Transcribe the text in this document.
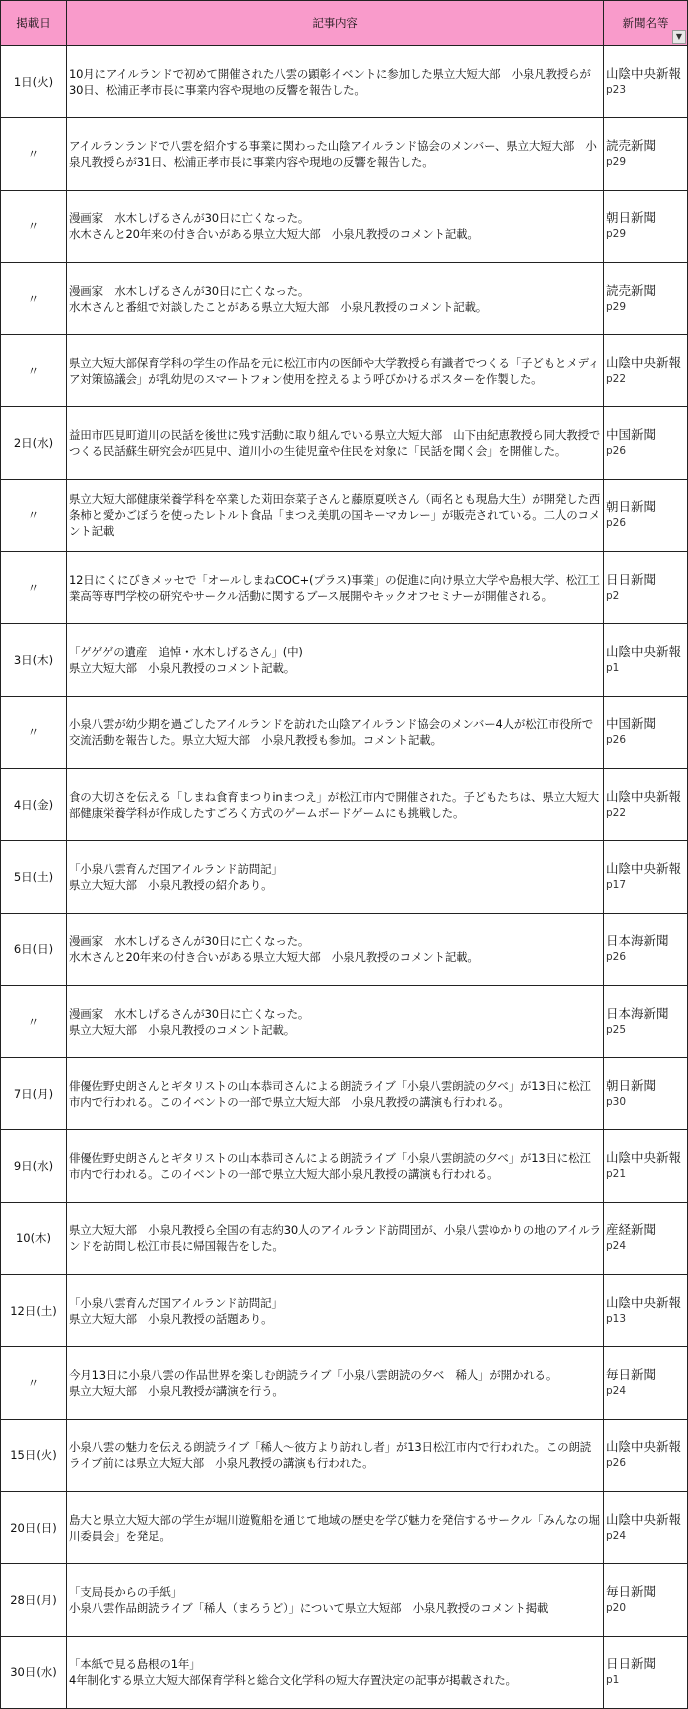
掲載日	記事内容	新聞名等
▼

1日(火)	10月にアイルランドで初めて開催された八雲の顕彰イベントに参加した県立大短大部　小泉凡教授らが30日、松浦正孝市長に事業内容や現地の反響を報告した。	山陰中央新報
p23

〃	アイルランランドで八雲を紹介する事業に関わった山陰アイルランド協会のメンバー、県立大短大部　小泉凡教授らが31日、松浦正孝市長に事業内容や現地の反響を報告した。	読売新聞
p29

〃	漫画家　水木しげるさんが30日に亡くなった。
水木さんと20年来の付き合いがある県立大短大部　小泉凡教授のコメント記載。	朝日新聞
p29

〃	漫画家　水木しげるさんが30日に亡くなった。
水木さんと番組で対談したことがある県立大短大部　小泉凡教授のコメント記載。	読売新聞
p29

〃	県立大短大部保育学科の学生の作品を元に松江市内の医師や大学教授ら有識者でつくる「子どもとメディア対策協議会」が乳幼児のスマートフォン使用を控えるよう呼びかけるポスターを作製した。	山陰中央新報
p22

2日(水)	益田市匹見町道川の民話を後世に残す活動に取り組んでいる県立大短大部　山下由紀恵教授ら同大教授でつくる民話蘇生研究会が匹見中、道川小の生徒児童や住民を対象に「民話を聞く会」を開催した。	中国新聞
p26

〃	県立大短大部健康栄養学科を卒業した苅田奈菜子さんと藤原夏咲さん（両名とも現島大生）が開発した西条柿と愛かごぼうを使ったレトルト食品「まつえ美肌の国キーマカレー」が販売されている。二人のコメント記載	朝日新聞
p26

〃	12日にくにびきメッセで「オールしまねCOC+(プラス)事業」の促進に向け県立大学や島根大学、松江工業高等専門学校の研究やサークル活動に関するブース展開やキックオフセミナーが開催される。	日日新聞
p2

3日(木)	「ゲゲゲの遺産　追悼・水木しげるさん」(中)
県立大短大部　小泉凡教授のコメント記載。	山陰中央新報
p1

〃	小泉八雲が幼少期を過ごしたアイルランドを訪れた山陰アイルランド協会のメンバー4人が松江市役所で交流活動を報告した。県立大短大部　小泉凡教授も参加。コメント記載。	中国新聞
p26

4日(金)	食の大切さを伝える「しまね食育まつりinまつえ」が松江市内で開催された。子どもたちは、県立大短大部健康栄養学科が作成したすごろく方式のゲームボードゲームにも挑戦した。	山陰中央新報
p22

5日(土)	「小泉八雲育んだ国アイルランド訪問記」
県立大短大部　小泉凡教授の紹介あり。	山陰中央新報
p17

6日(日)	漫画家　水木しげるさんが30日に亡くなった。
水木さんと20年来の付き合いがある県立大短大部　小泉凡教授のコメント記載。	日本海新聞
p26

〃	漫画家　水木しげるさんが30日に亡くなった。
県立大短大部　小泉凡教授のコメント記載。	日本海新聞
p25

7日(月)	俳優佐野史朗さんとギタリストの山本恭司さんによる朗読ライブ「小泉八雲朗読の夕べ」が13日に松江市内で行われる。このイベントの一部で県立大短大部　小泉凡教授の講演も行われる。	朝日新聞
p30

9日(水)	俳優佐野史朗さんとギタリストの山本恭司さんによる朗読ライブ「小泉八雲朗読の夕べ」が13日に松江市内で行われる。このイベントの一部で県立大短大部小泉凡教授の講演も行われる。	山陰中央新報
p21

10(木)	県立大短大部　小泉凡教授ら全国の有志約30人のアイルランド訪問団が、小泉八雲ゆかりの地のアイルランドを訪問し松江市長に帰国報告をした。	産経新聞
p24

12日(土)	「小泉八雲育んだ国アイルランド訪問記」
県立大短大部　小泉凡教授の話題あり。	山陰中央新報
p13

〃	今月13日に小泉八雲の作品世界を楽しむ朗読ライブ「小泉八雲朗読の夕べ　稀人」が開かれる。
県立大短大部　小泉凡教授が講演を行う。	毎日新聞
p24

15日(火)	小泉八雲の魅力を伝える朗読ライブ「稀人～彼方より訪れし者」が13日松江市内で行われた。この朗読ライブ前には県立大短大部　小泉凡教授の講演も行われた。	山陰中央新報
p26

20日(日)	島大と県立大短大部の学生が堀川遊覧船を通じて地域の歴史を学び魅力を発信するサークル「みんなの堀川委員会」を発足。	山陰中央新報
p24

28日(月)	「支局長からの手紙」
小泉八雲作品朗読ライブ「稀人（まろうど）」について県立大短部　小泉凡教授のコメント掲載	毎日新聞
p20

30日(水)	「本紙で見る島根の1年」
4年制化する県立大短大部保育学科と総合文化学科の短大存置決定の記事が掲載された。	日日新聞
p1
